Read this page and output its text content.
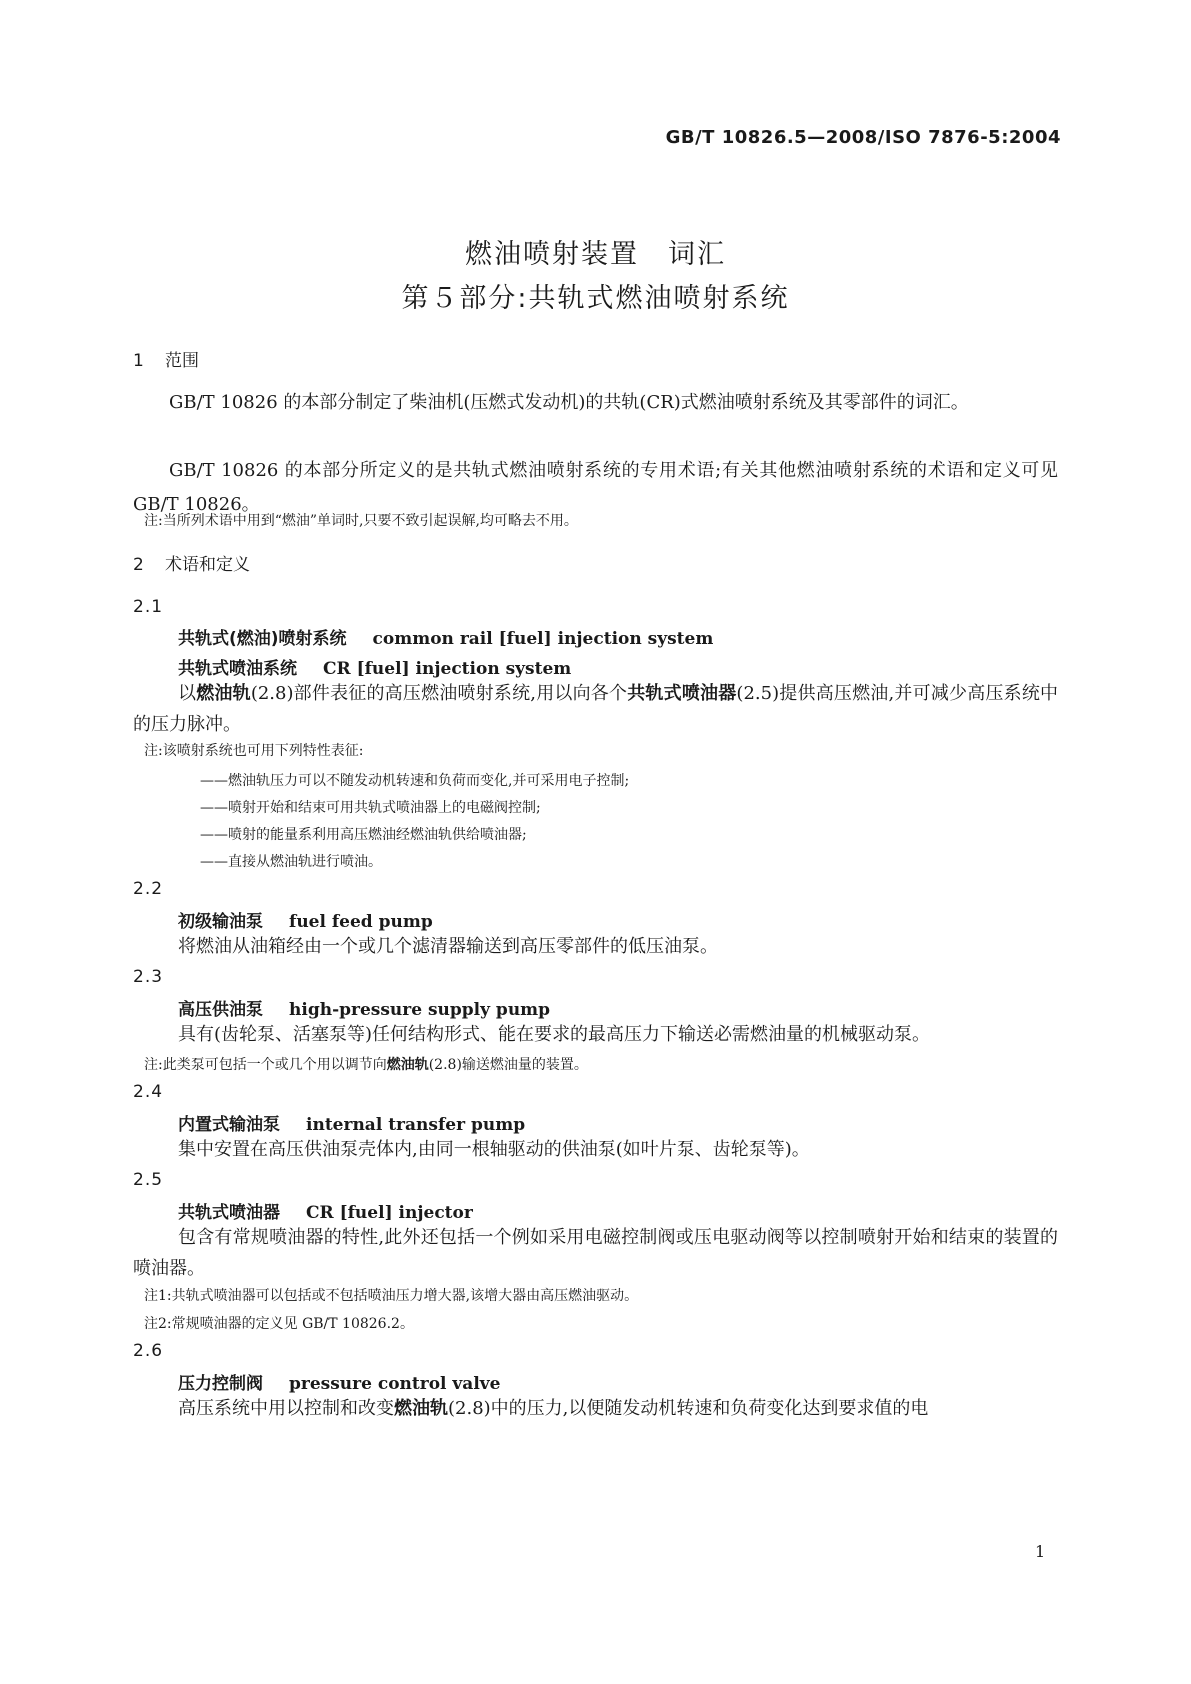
GB/T 10826.5—2008/ISO 7876-5:2004
燃油喷射装置　词汇
第５部分:共轨式燃油喷射系统
1 范围
GB/T 10826 的本部分制定了柴油机(压燃式发动机)的共轨(CR)式燃油喷射系统及其零部件的词汇。
GB/T 10826 的本部分所定义的是共轨式燃油喷射系统的专用术语;有关其他燃油喷射系统的术语和定义可见 GB/T 10826。
注:当所列术语中用到“燃油”单词时,只要不致引起误解,均可略去不用。
2 术语和定义
2.1
共轨式(燃油)喷射系统 common rail [fuel] injection system
共轨式喷油系统 CR [fuel] injection system
以燃油轨(2.8)部件表征的高压燃油喷射系统,用以向各个共轨式喷油器(2.5)提供高压燃油,并可减少高压系统中的压力脉冲。
注:该喷射系统也可用下列特性表征:
——燃油轨压力可以不随发动机转速和负荷而变化,并可采用电子控制;
——喷射开始和结束可用共轨式喷油器上的电磁阀控制;
——喷射的能量系利用高压燃油经燃油轨供给喷油器;
——直接从燃油轨进行喷油。
2.2
初级输油泵 fuel feed pump
将燃油从油箱经由一个或几个滤清器输送到高压零部件的低压油泵。
2.3
高压供油泵 high-pressure supply pump
具有(齿轮泵、活塞泵等)任何结构形式、能在要求的最高压力下输送必需燃油量的机械驱动泵。
注:此类泵可包括一个或几个用以调节向燃油轨(2.8)输送燃油量的装置。
2.4
内置式输油泵 internal transfer pump
集中安置在高压供油泵壳体内,由同一根轴驱动的供油泵(如叶片泵、齿轮泵等)。
2.5
共轨式喷油器 CR [fuel] injector
包含有常规喷油器的特性,此外还包括一个例如采用电磁控制阀或压电驱动阀等以控制喷射开始和结束的装置的喷油器。
注1:共轨式喷油器可以包括或不包括喷油压力增大器,该增大器由高压燃油驱动。
注2:常规喷油器的定义见 GB/T 10826.2。
2.6
压力控制阀 pressure control valve
高压系统中用以控制和改变燃油轨(2.8)中的压力,以便随发动机转速和负荷变化达到要求值的电
1
